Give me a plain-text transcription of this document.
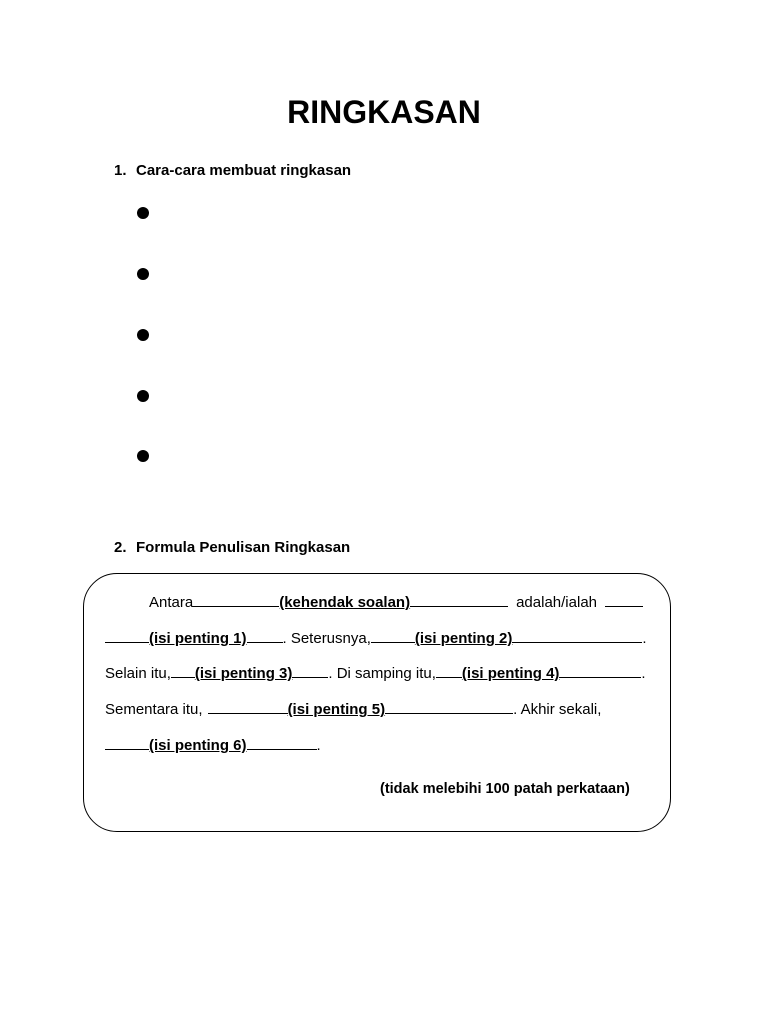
RINGKASAN
1. Cara-cara membuat ringkasan
2. Formula Penulisan Ringkasan
Antara	(kehendak soalan)	adalah/ialah
(isi penting 1) . Seterusnya,	(isi penting 2)	.
Selain itu, (isi penting 3) . Di samping itu, (isi penting 4)	.
Sementara itu,	(isi penting 5)	. Akhir sekali,
(isi penting 6)	.
(tidak melebihi 100 patah perkataan)
